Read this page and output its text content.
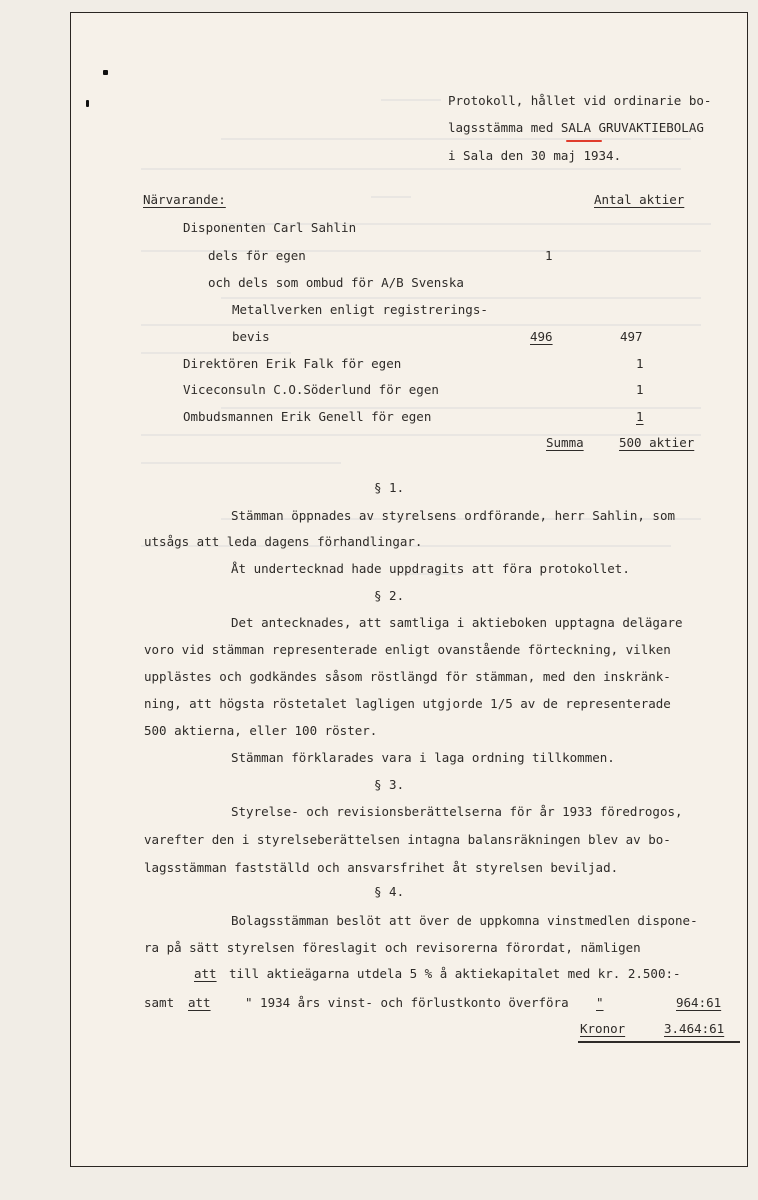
Protokoll, hållet vid ordinarie bo-
lagsstämma med SALA GRUVAKTIEBOLAG
i Sala den 30 maj 1934.
Närvarande:	Antal aktier
Disponenten Carl Sahlin
dels för egen	1
och dels som ombud för A/B Svenska
Metallverken enligt registrerings-
bevis	496	497
Direktören Erik Falk för egen	1
Viceconsuln C.O.Söderlund för egen	1
Ombudsmannen Erik Genell för egen	1
Summa	500 aktier
§ 1.
Stämman öppnades av styrelsens ordförande, herr Sahlin, som
utsågs att leda dagens förhandlingar.
Åt undertecknad hade uppdragits att föra protokollet.
§ 2.
Det antecknades, att samtliga i aktieboken upptagna delägare
voro vid stämman representerade enligt ovanstående förteckning, vilken
upplästes och godkändes såsom röstlängd för stämman, med den inskränk-
ning, att högsta röstetalet lagligen utgjorde 1/5 av de representerade
500 aktierna, eller 100 röster.
Stämman förklarades vara i laga ordning tillkommen.
§ 3.
Styrelse- och revisionsberättelserna för år 1933 föredrogos,
varefter den i styrelseberättelsen intagna balansräkningen blev av bo-
lagsstämman fastställd och ansvarsfrihet åt styrelsen beviljad.
§ 4.
Bolagsstämman beslöt att över de uppkomna vinstmedlen dispone-
ra på sätt styrelsen föreslagit och revisorerna förordat, nämligen
att till aktieägarna utdela 5 % å aktiekapitalet med kr. 2.500:-
samt att	" 1934 års vinst- och förlustkonto överföra "	964:61
Kronor	3.464:61
